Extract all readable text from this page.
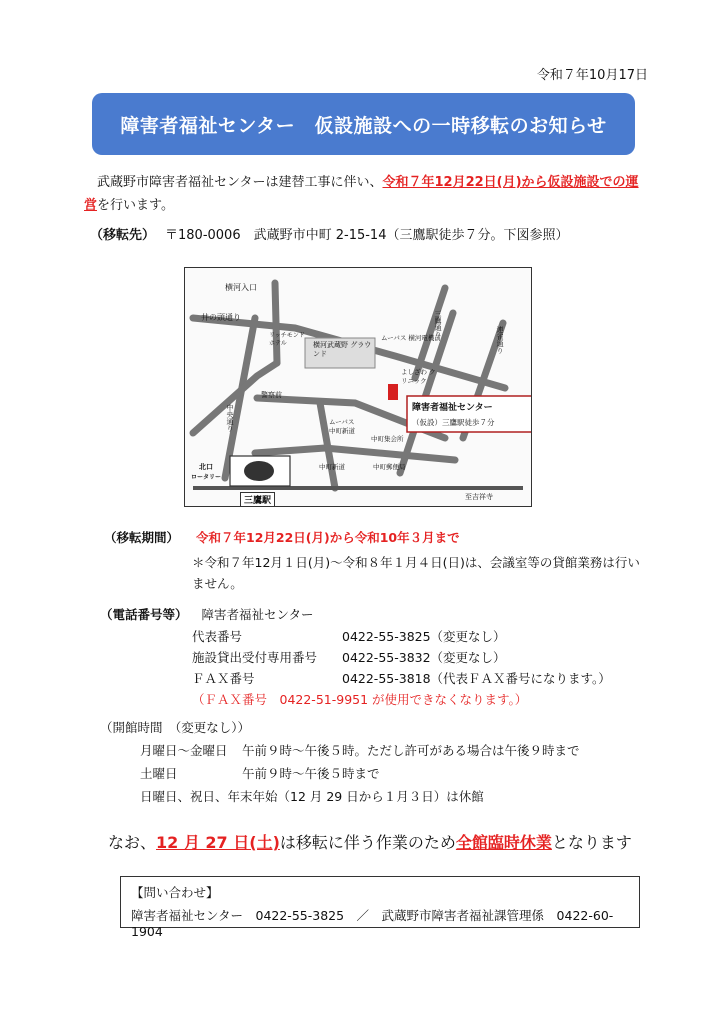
令和７年10月17日
障害者福祉センター　仮設施設への一時移転のお知らせ
武蔵野市障害者福祉センターは建替工事に伴い、令和７年12月22日(月)から仮設施設での運営を行います。
（移転先） 〒180-0006　武蔵野市中町 2-15-14（三鷹駅徒歩７分。下図参照）
横河入口
井の頭通り
リッチモンド ホテル	横河武蔵野 グラウンド
ムーバス 横河電機前
三鷹通り
連雀通り
警察前
よしざわ クリニック
中央通り	障害者福祉センター
（仮設）三鷹駅徒歩７分
ムーバス 中町新道
中町集会所
中町新道	中町郵便局
北口
ロータリー
三鷹駅	至吉祥寺
（移転期間） 令和７年12月22日(月)から令和10年３月まで
＊令和７年12月１日(月)～令和８年１月４日(日)は、会議室等の貸館業務は行いません。
（電話番号等） 障害者福祉センター
代表番号	0422-55-3825（変更なし）
施設貸出受付専用番号 0422-55-3832（変更なし）
ＦＡＸ番号	0422-55-3818（代表ＦＡＸ番号になります。）
（ＦＡＸ番号　0422-51-9951 が使用できなくなります。）
（開館時間　（変更なし））
月曜日～金曜日 午前９時～午後５時。ただし許可がある場合は午後９時まで
土曜日	午前９時～午後５時まで
日曜日、祝日、年末年始（12 月 29 日から１月３日）は休館
なお、12 月 27 日(土)は移転に伴う作業のため全館臨時休業となります
【問い合わせ】
障害者福祉センター　0422-55-3825　／　武蔵野市障害者福祉課管理係　0422-60-1904
